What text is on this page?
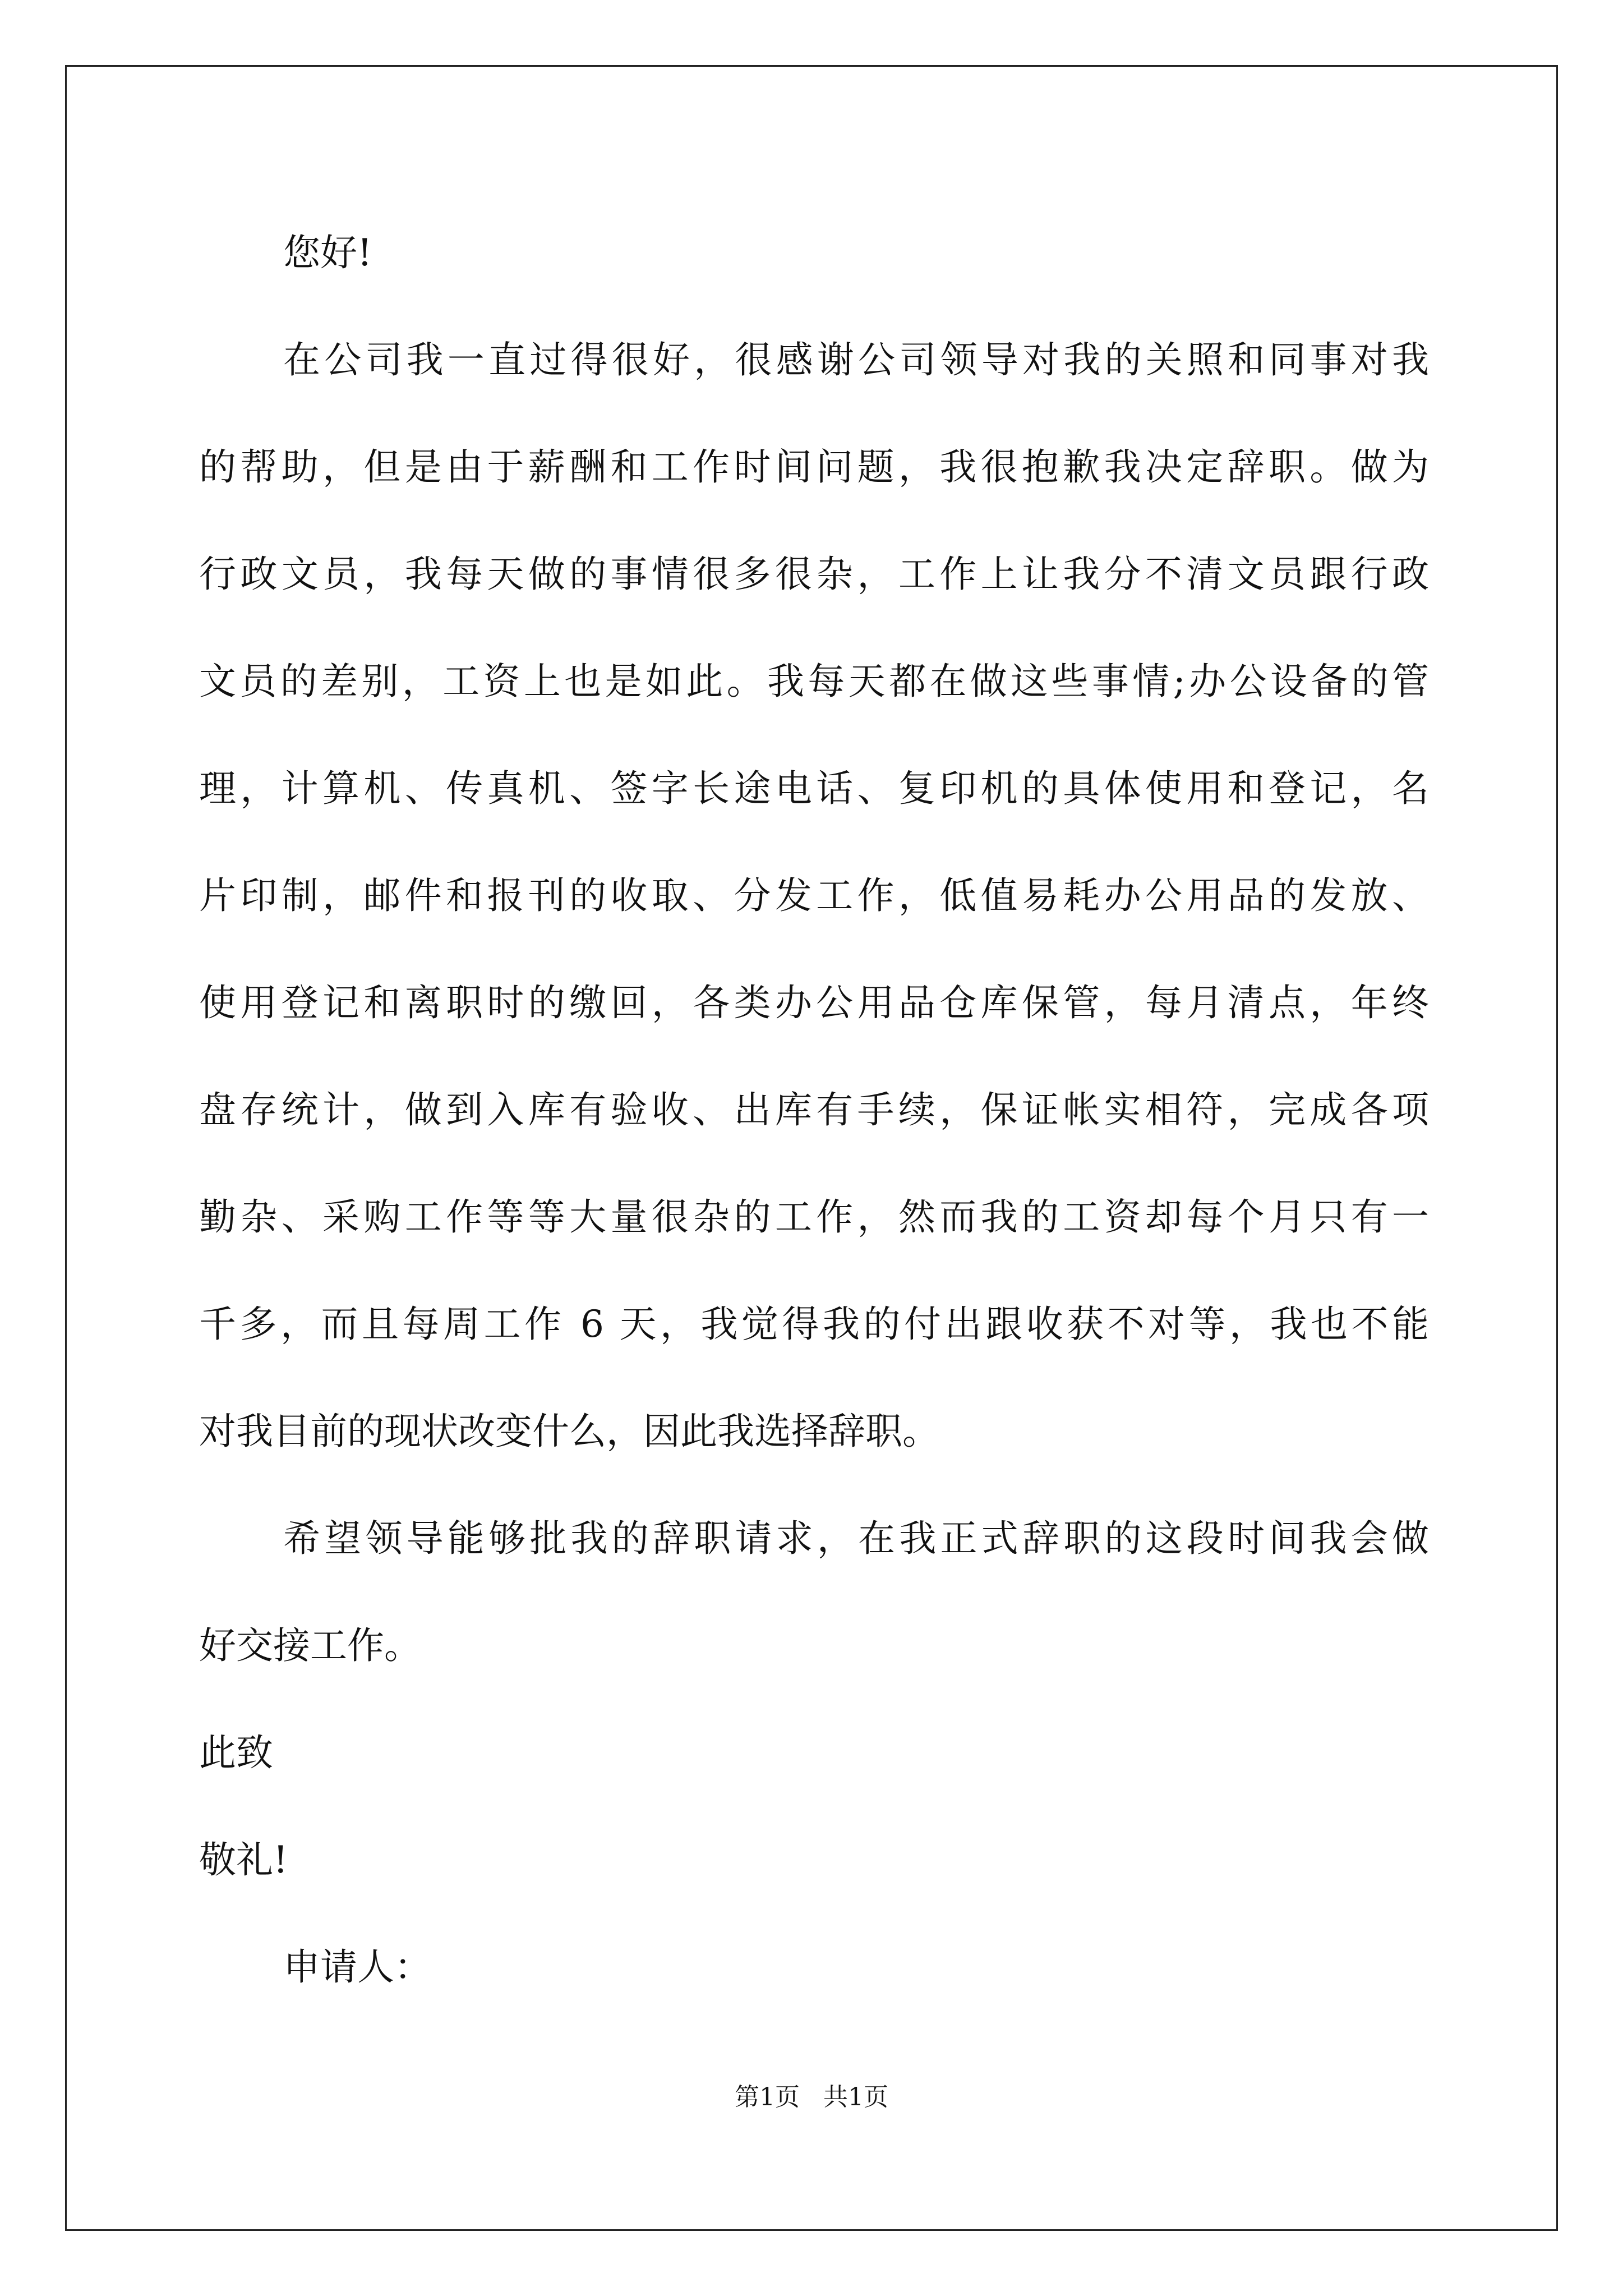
您好!
在公司我一直过得很好，很感谢公司领导对我的关照和同事对我
的帮助，但是由于薪酬和工作时间问题，我很抱歉我决定辞职。做为
行政文员，我每天做的事情很多很杂，工作上让我分不清文员跟行政
文员的差别，工资上也是如此。我每天都在做这些事情;办公设备的管
理，计算机、传真机、签字长途电话、复印机的具体使用和登记，名
片印制，邮件和报刊的收取、分发工作，低值易耗办公用品的发放、
使用登记和离职时的缴回，各类办公用品仓库保管，每月清点，年终
盘存统计，做到入库有验收、出库有手续，保证帐实相符，完成各项
勤杂、采购工作等等大量很杂的工作，然而我的工资却每个月只有一
千多，而且每周工作 6 天，我觉得我的付出跟收获不对等，我也不能
对我目前的现状改变什么，因此我选择辞职。
希望领导能够批我的辞职请求，在我正式辞职的这段时间我会做
好交接工作。
此致
敬礼!
申请人：
第1页   共1页
